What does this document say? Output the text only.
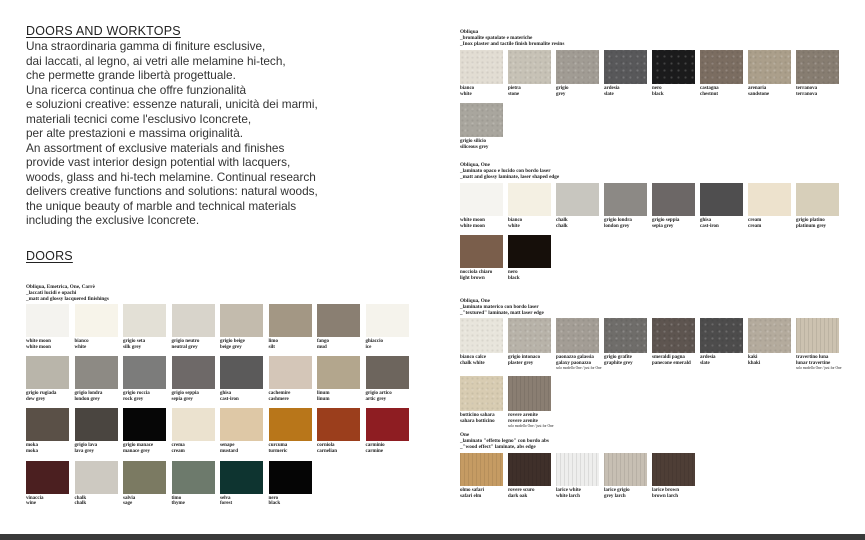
DOORS AND WORKTOPS

Una straordinaria gamma di finiture esclusive,

dai laccati, al legno, ai vetri alle melamine hi-tech,

che permette grande libertà progettuale.

Una ricerca continua che offre funzionalità

e soluzioni creative: essenze naturali, unicità dei marmi,

materiali tecnici come l'esclusivo Iconcrete,

per alte prestazioni e massima originalità.

An assortment of exclusive materials and finishes

provide vast interior design potential with lacquers,

woods, glass and hi-tech melamine. Continual research

delivers creative functions and solutions: natural woods,

the unique beauty of marble and technical materials

including the exclusive Iconcrete.

DOORS
Obliqua, Emetrica, One, Carrè
_laccati lucidi e opachi
_matt and glossy lacquered finishings
Obliqua
_bromalite spatolate e materiche
_Inox plaster and tactile finish bromalite resins
Obliqua, One
_laminato opaco e lucido con bordo laser
_matt and glossy laminate, laser shaped edge
Obliqua, One
_laminato materico con bordo laser
_"textured" laminate, matt laser edge
One
_laminato "effetto legno" con bordo abs
_"wood effect" laminate, abs edge
white moon
white moon
bianco
white
grigio seta
silk grey
grigio neutro
neutral grey
grigio beige
beige grey
limo
silt
fango
mud
ghiaccio
ice
grigio rugiada
dew grey
grigio londra
london grey
grigio roccia
rock grey
grigio seppia
sepia grey
ghisa
cast-iron
cachemire
cashmere
linum
linum
grigio artico
artic grey
moka
moka
grigio lava
lava grey
grigio manace
manace grey
crema
cream
senape
mustard
curcuma
turmeric
corniola
carnelian
carminio
carmine
vinaccia
wine
chalk
chalk
salvia
sage
timo
thyme
selva
forest
nero
black
bianco
white
pietra
stone
grigio
grey
ardesia
slate
nero
black
castagna
chestnut
arenaria
sandstone
terranova
terranova
grigio silicio
siliceous grey
white moon
white moon
bianco
white
chalk
chalk
grigio londra
london grey
grigio seppia
sepia grey
ghisa
cast-iron
cream
cream
grigio platino
platinum grey
nocciola chiaro
light brown
nero
black
bianco calce
chalk white
grigio intonaco
plaster grey
paonazzo galassia
galaxy paonazzo
solo modello One / just for One
grigio grafite
graphite grey
smeraldi pagna
panecone emerald
ardesia
slate
kaki
khaki
travertino luna
lunar travertine
solo modello One / just for One
botticino sahara
sahara botticino
rovere arenite
rovere arenite
solo modello One / just for One
olmo safari
safari elm
rovere scuro
dark oak
larice white
white larch
larice grigio
grey larch
larice brown
brown larch
